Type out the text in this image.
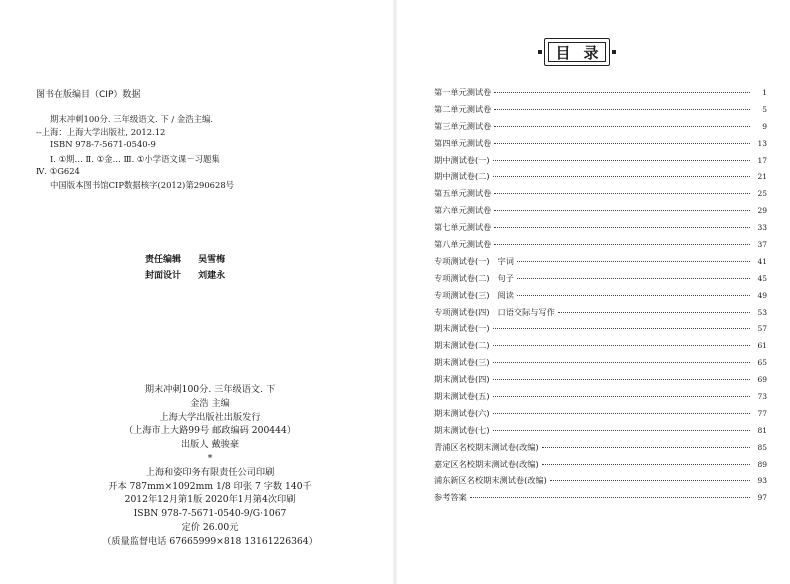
图书在版编目（CIP）数据
期末冲刺100分. 三年级语文. 下 / 金浩主编.
--上海：上海大学出版社, 2012.12
ISBN 978-7-5671-0540-9
Ⅰ. ①期… Ⅱ. ①金… Ⅲ. ①小学语文课－习题集
Ⅳ. ①G624
中国版本图书馆CIP数据核字(2012)第290628号
责任编辑 吴雪梅
封面设计 刘建永
期末冲刺100分. 三年级语文. 下
金浩 主编
上海大学出版社出版发行
（上海市上大路99号 邮政编码 200444）
出版人 戴骏豪
*
上海和姿印务有限责任公司印刷
开本 787mm×1092mm 1/8 印张 7 字数 140千
2012年12月第1版 2020年1月第4次印刷
ISBN 978-7-5671-0540-9/G·1067
定价 26.00元
（质量监督电话 67665999×818 13161226364）
目 录
第一单元测试卷	1
第二单元测试卷	5
第三单元测试卷	9
第四单元测试卷	13
期中测试卷(一)	17
期中测试卷(二)	21
第五单元测试卷	25
第六单元测试卷	29
第七单元测试卷	33
第八单元测试卷	37
专项测试卷(一) 字词	41
专项测试卷(二) 句子	45
专项测试卷(三) 阅读	49
专项测试卷(四) 口语交际与写作	53
期末测试卷(一)	57
期末测试卷(二)	61
期末测试卷(三)	65
期末测试卷(四)	69
期末测试卷(五)	73
期末测试卷(六)	77
期末测试卷(七)	81
青浦区名校期末测试卷(改编)	85
嘉定区名校期末测试卷(改编)	89
浦东新区名校期末测试卷(改编)	93
参考答案	97
